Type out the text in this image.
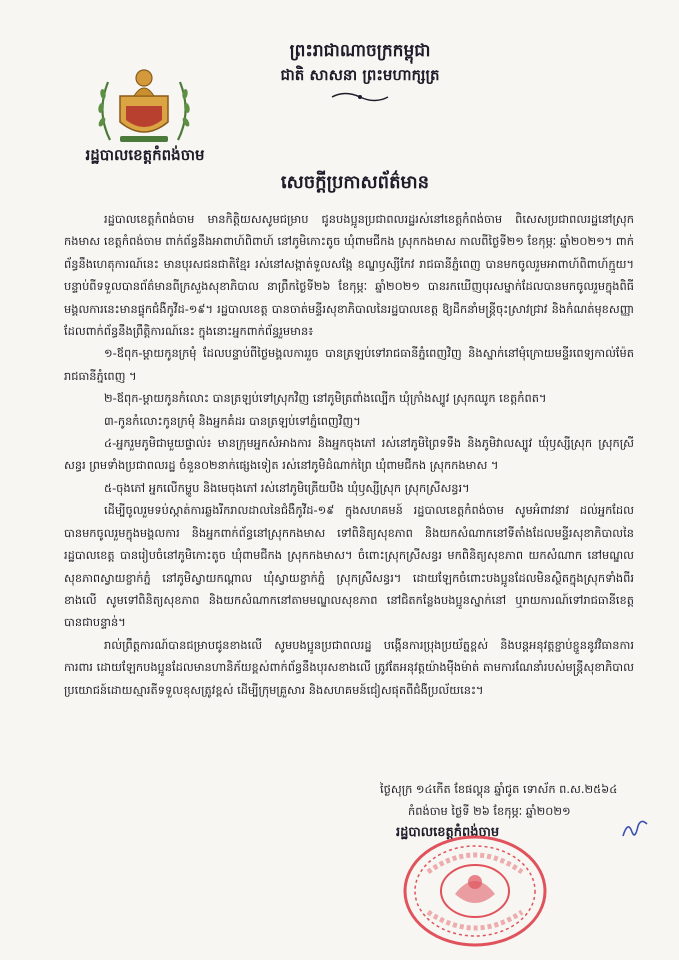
ព្រះរាជាណាចក្រកម្ពុជា
ជាតិ សាសនា ព្រះមហាក្សត្រ
រដ្ឋបាលខេត្តកំពង់ចាម
សេចក្តីប្រកាសព័ត៌មាន

រដ្ឋបាលខេត្តកំពង់ចាម មានកិត្តិយសសូមជម្រាប ជូនបងប្អូនប្រជាពលរដ្ឋរស់នៅខេត្តកំពង់ចាម ពិសេសប្រជាពលរដ្ឋនៅស្រុកកងមាស ខេត្តកំពង់ចាម ពាក់ព័ន្ធនឹងអាពាហ៍ពិពាហ៍ នៅភូមិកោះតូច ឃុំពាមជីកង ស្រុកកងមាស កាលពីថ្ងៃទី២១ ខែកុម្ភៈ ឆ្នាំ២០២១។ ពាក់ព័ន្ធនឹងហេតុការណ៍នេះ មានបុរសជនជាតិខ្មែរ រស់នៅសង្កាត់ទួលសង្កែ ខណ្ឌឫស្សីកែវ រាជធានីភ្នំពេញ បានមកចូលរួមអាពាហ៍ពិពាហ៍ក្មួយ។ បន្ទាប់ពីទទួលបានព័ត៌មានពីក្រសួងសុខាភិបាល នាព្រឹកថ្ងៃទី២៦ ខែកុម្ភៈ ឆ្នាំ២០២១ បានរកឃើញបុរសម្នាក់ដែលបានមកចូលរួមក្នុងពិធីមង្គលការនេះមានផ្ទុកជំងឺកូវីដ-១៩។ រដ្ឋបាលខេត្ត បានចាត់មន្ទីរសុខាភិបាលនៃរដ្ឋបាលខេត្ត ឱ្យដឹកនាំមន្ត្រីចុះស្រាវជ្រាវ និងកំណត់មុខសញ្ញាដែលពាក់ព័ន្ធនឹងព្រឹត្តិការណ៍នេះ ក្នុងនោះអ្នកពាក់ព័ន្ធរួមមាន៖

១-ឪពុក-ម្តាយកូនក្រមុំ ដែលបន្ទាប់ពីថ្ងៃមង្គលការរួច បានត្រឡប់ទៅរាជធានីភ្នំពេញវិញ និងស្នាក់នៅមុំក្រោយមន្ទីរពេទ្យកាល់ម៉ែត រាជធានីភ្នំពេញ ។

២-ឪពុក-ម្តាយកូនកំលោះ បានត្រឡប់ទៅស្រុកវិញ នៅភូមិត្រពាំងល្បើក ឃុំក្រាំងស្បូវ ស្រុកឈូក ខេត្តកំពត។

៣-កូនកំលោះកូនក្រមុំ និងអ្នកគំដរ បានត្រឡប់ទៅភ្នំពេញវិញ។

៤-អ្នករួមភូមិជាមួយផ្ទាល់៖ មានក្រុមអ្នកសំអាងការ និងអ្នកចុងភៅ រស់នៅភូមិព្រៃទទឹង និងភូមិវាលស្បូវ ឃុំឫស្សីស្រុក ស្រុកស្រីសន្ធរ ព្រមទាំងប្រជាពលរដ្ឋ ចំនួន០២នាក់ផ្សេងទៀត រស់នៅភូមិដំណាក់ព្រៃ ឃុំពាមជីកង ស្រុកកងមាស ។

៥-ចុងភៅ អ្នកលើកម្ហូប និងមេចុងភៅ រស់នៅភូមិត្រើយបឹង ឃុំឫស្សីស្រុក ស្រុកស្រីសន្ធរ។

ដើម្បីចូលរួមទប់ស្កាត់ការឆ្លងរីករាលដាលនៃជំងឺកូវីដ-១៩ ក្នុងសហគមន៍ រដ្ឋបាលខេត្តកំពង់ចាម សូមអំពាវនាវ ដល់អ្នកដែលបានមកចូលរួមក្នុងមង្គលការ និងអ្នកពាក់ព័ន្ធនៅស្រុកកងមាស ទៅពិនិត្យសុខភាព និងយកសំណាកនៅទីតាំងដែលមន្ទីរសុខាភិបាលនៃរដ្ឋបាលខេត្ត បានរៀបចំនៅភូមិកោះតូច ឃុំពាមជីកង ស្រុកកងមាស។ ចំពោះស្រុកស្រីសន្ធរ មកពិនិត្យសុខភាព យកសំណាក នៅមណ្ឌលសុខភាពស្វាយខ្ចាក់ភ្នំ នៅភូមិស្វាយកណ្តាល ឃុំស្វាយខ្ចាក់ភ្នំ ស្រុកស្រីសន្ធរ។ ដោយឡែកចំពោះបងប្អូនដែលមិនស្ថិតក្នុងស្រុកទាំងពីរខាងលើ សូមទៅពិនិត្យសុខភាព និងយកសំណាកនៅតាមមណ្ឌលសុខភាព នៅជិតកន្លែងបងប្អូនស្នាក់នៅ ឬរាយការណ៍ទៅរាជធានីខេត្តបានជាបន្ទាន់។

រាល់ព្រឹត្តការណ៍បានជម្រាបជូនខាងលើ សូមបងប្អូនប្រជាពលរដ្ឋ បង្កើនការប្រុងប្រយ័ត្នខ្ពស់ និងបន្តអនុវត្តខ្ជាប់ខ្ជួននូវវិធានការការពារ ដោយឡែកបងប្អូនដែលមានហានិភ័យខ្ពស់ពាក់ព័ន្ធនឹងបុរសខាងលើ ត្រូវតែអនុវត្តយ៉ាងម៉ឺងម៉ាត់ តាមការណែនាំរបស់មន្ត្រីសុខាភិបាល ប្រយោជន៍ដោយស្មារតីទទួលខុសត្រូវខ្ពស់ ដើម្បីក្រុមគ្រួសារ និងសហគមន៍ជៀសផុតពីជំងឺប្រល័យនេះ។

ថ្ងៃសុក្រ ១៤កើត ខែផល្គុន ឆ្នាំជូត ទោស័ក ព.ស.២៥៦៤
កំពង់ចាម ថ្ងៃទី ២៦ ខែកុម្ភៈ ឆ្នាំ២០២១
រដ្ឋបាលខេត្តកំពង់ចាម
